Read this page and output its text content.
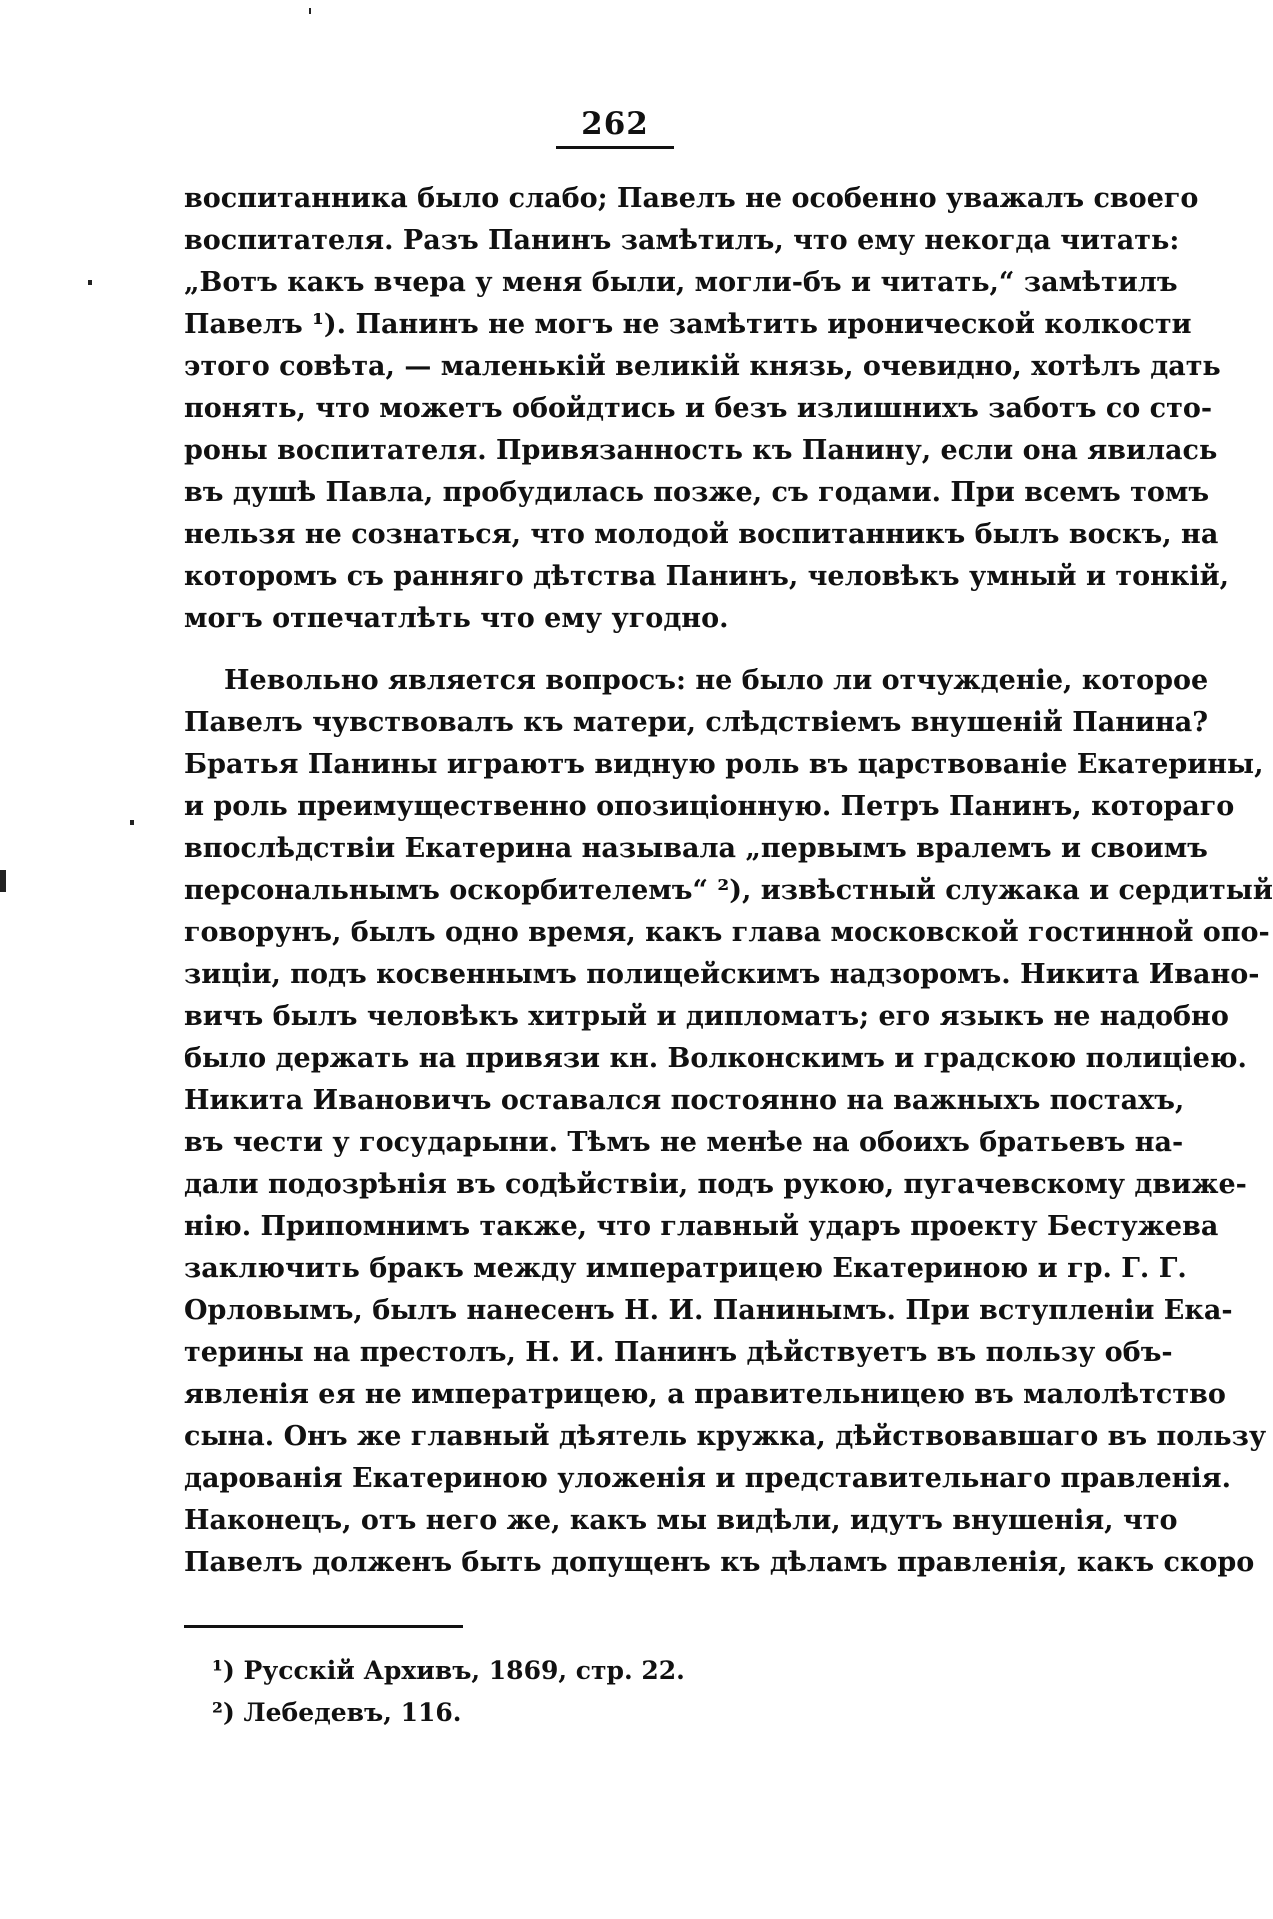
262
воспитанника было слабо; Павелъ не особенно уважалъ своего
воспитателя. Разъ Панинъ замѣтилъ, что ему некогда читать:
„Вотъ какъ вчера у меня были, могли-бъ и читать,“ замѣтилъ
Павелъ ¹). Панинъ не могъ не замѣтить иронической колкости
этого совѣта, — маленькій великій князь, очевидно, хотѣлъ дать
понять, что можетъ обойдтись и безъ излишнихъ заботъ со сто-
роны воспитателя. Привязанность къ Панину, если она явилась
въ душѣ Павла, пробудилась позже, съ годами. При всемъ томъ
нельзя не сознаться, что молодой воспитанникъ былъ воскъ, на
которомъ съ ранняго дѣтства Панинъ, человѣкъ умный и тонкій,
могъ отпечатлѣть что ему угодно.
Невольно является вопросъ: не было ли отчужденіе, которое
Павелъ чувствовалъ къ матери, слѣдствіемъ внушеній Панина?
Братья Панины играютъ видную роль въ царствованіе Екатерины,
и роль преимущественно опозиціонную. Петръ Панинъ, котораго
впослѣдствіи Екатерина называла „первымъ вралемъ и своимъ
персональнымъ оскорбителемъ“ ²), извѣстный служака и сердитый
говорунъ, былъ одно время, какъ глава московской гостинной опо-
зиціи, подъ косвеннымъ полицейскимъ надзоромъ. Никита Ивано-
вичъ былъ человѣкъ хитрый и дипломатъ; его языкъ не надобно
было держать на привязи кн. Волконскимъ и градскою полиціею.
Никита Ивановичъ оставался постоянно на важныхъ постахъ,
въ чести у государыни. Тѣмъ не менѣе на обоихъ братьевъ на-
дали подозрѣнія въ содѣйствіи, подъ рукою, пугачевскому движе-
нію. Припомнимъ также, что главный ударъ проекту Бестужева
заключить бракъ между императрицею Екатериною и гр. Г. Г.
Орловымъ, былъ нанесенъ Н. И. Панинымъ. При вступленіи Ека-
терины на престолъ, Н. И. Панинъ дѣйствуетъ въ пользу объ-
явленія ея не императрицею, а правительницею въ малолѣтство
сына. Онъ же главный дѣятель кружка, дѣйствовавшаго въ пользу
дарованія Екатериною уложенія и представительнаго правленія.
Наконецъ, отъ него же, какъ мы видѣли, идутъ внушенія, что
Павелъ долженъ быть допущенъ къ дѣламъ правленія, какъ скоро
¹) Русскій Архивъ, 1869, стр. 22.
²) Лебедевъ, 116.
